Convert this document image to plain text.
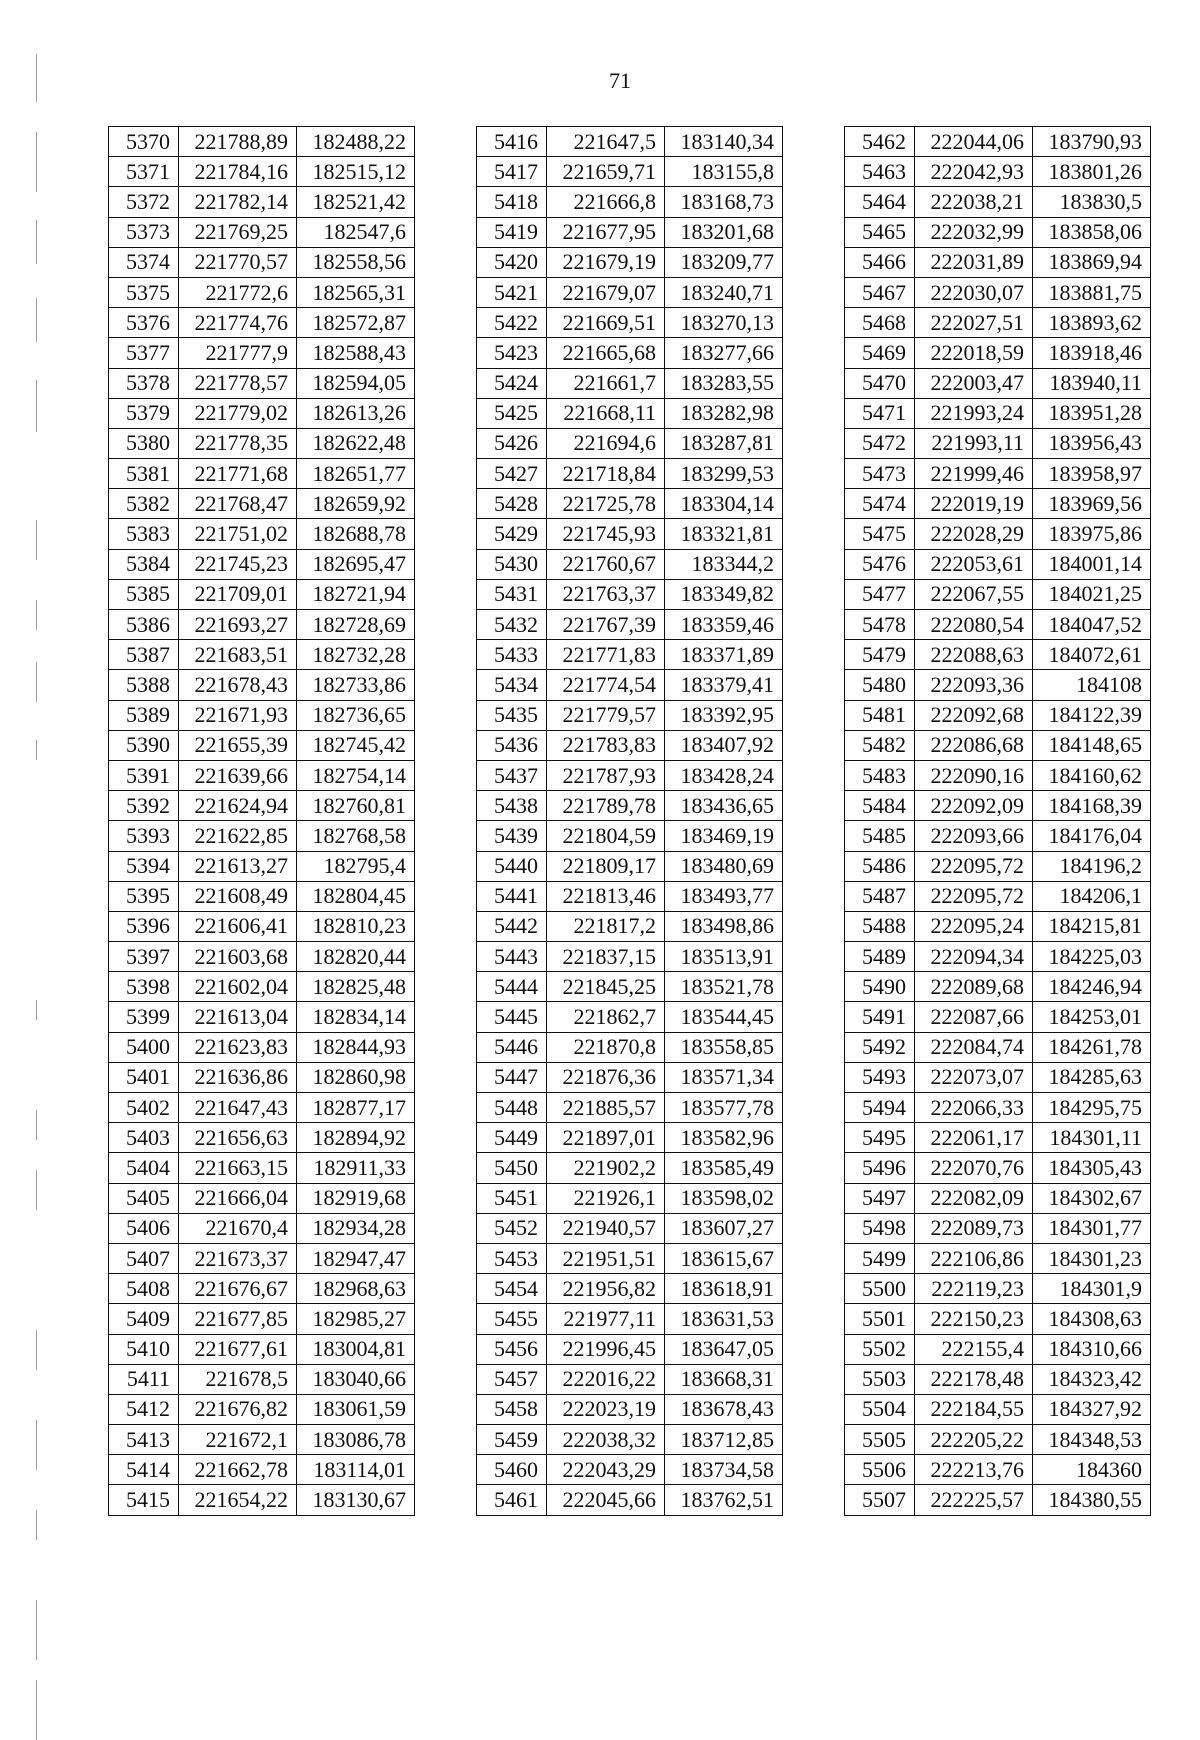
71
5370	221788,89	182488,22
5371	221784,16	182515,12
5372	221782,14	182521,42
5373	221769,25	182547,6
5374	221770,57	182558,56
5375	221772,6	182565,31
5376	221774,76	182572,87
5377	221777,9	182588,43
5378	221778,57	182594,05
5379	221779,02	182613,26
5380	221778,35	182622,48
5381	221771,68	182651,77
5382	221768,47	182659,92
5383	221751,02	182688,78
5384	221745,23	182695,47
5385	221709,01	182721,94
5386	221693,27	182728,69
5387	221683,51	182732,28
5388	221678,43	182733,86
5389	221671,93	182736,65
5390	221655,39	182745,42
5391	221639,66	182754,14
5392	221624,94	182760,81
5393	221622,85	182768,58
5394	221613,27	182795,4
5395	221608,49	182804,45
5396	221606,41	182810,23
5397	221603,68	182820,44
5398	221602,04	182825,48
5399	221613,04	182834,14
5400	221623,83	182844,93
5401	221636,86	182860,98
5402	221647,43	182877,17
5403	221656,63	182894,92
5404	221663,15	182911,33
5405	221666,04	182919,68
5406	221670,4	182934,28
5407	221673,37	182947,47
5408	221676,67	182968,63
5409	221677,85	182985,27
5410	221677,61	183004,81
5411	221678,5	183040,66
5412	221676,82	183061,59
5413	221672,1	183086,78
5414	221662,78	183114,01
5415	221654,22	183130,67
5416	221647,5	183140,34
5417	221659,71	183155,8
5418	221666,8	183168,73
5419	221677,95	183201,68
5420	221679,19	183209,77
5421	221679,07	183240,71
5422	221669,51	183270,13
5423	221665,68	183277,66
5424	221661,7	183283,55
5425	221668,11	183282,98
5426	221694,6	183287,81
5427	221718,84	183299,53
5428	221725,78	183304,14
5429	221745,93	183321,81
5430	221760,67	183344,2
5431	221763,37	183349,82
5432	221767,39	183359,46
5433	221771,83	183371,89
5434	221774,54	183379,41
5435	221779,57	183392,95
5436	221783,83	183407,92
5437	221787,93	183428,24
5438	221789,78	183436,65
5439	221804,59	183469,19
5440	221809,17	183480,69
5441	221813,46	183493,77
5442	221817,2	183498,86
5443	221837,15	183513,91
5444	221845,25	183521,78
5445	221862,7	183544,45
5446	221870,8	183558,85
5447	221876,36	183571,34
5448	221885,57	183577,78
5449	221897,01	183582,96
5450	221902,2	183585,49
5451	221926,1	183598,02
5452	221940,57	183607,27
5453	221951,51	183615,67
5454	221956,82	183618,91
5455	221977,11	183631,53
5456	221996,45	183647,05
5457	222016,22	183668,31
5458	222023,19	183678,43
5459	222038,32	183712,85
5460	222043,29	183734,58
5461	222045,66	183762,51
5462	222044,06	183790,93
5463	222042,93	183801,26
5464	222038,21	183830,5
5465	222032,99	183858,06
5466	222031,89	183869,94
5467	222030,07	183881,75
5468	222027,51	183893,62
5469	222018,59	183918,46
5470	222003,47	183940,11
5471	221993,24	183951,28
5472	221993,11	183956,43
5473	221999,46	183958,97
5474	222019,19	183969,56
5475	222028,29	183975,86
5476	222053,61	184001,14
5477	222067,55	184021,25
5478	222080,54	184047,52
5479	222088,63	184072,61
5480	222093,36	184108
5481	222092,68	184122,39
5482	222086,68	184148,65
5483	222090,16	184160,62
5484	222092,09	184168,39
5485	222093,66	184176,04
5486	222095,72	184196,2
5487	222095,72	184206,1
5488	222095,24	184215,81
5489	222094,34	184225,03
5490	222089,68	184246,94
5491	222087,66	184253,01
5492	222084,74	184261,78
5493	222073,07	184285,63
5494	222066,33	184295,75
5495	222061,17	184301,11
5496	222070,76	184305,43
5497	222082,09	184302,67
5498	222089,73	184301,77
5499	222106,86	184301,23
5500	222119,23	184301,9
5501	222150,23	184308,63
5502	222155,4	184310,66
5503	222178,48	184323,42
5504	222184,55	184327,92
5505	222205,22	184348,53
5506	222213,76	184360
5507	222225,57	184380,55
